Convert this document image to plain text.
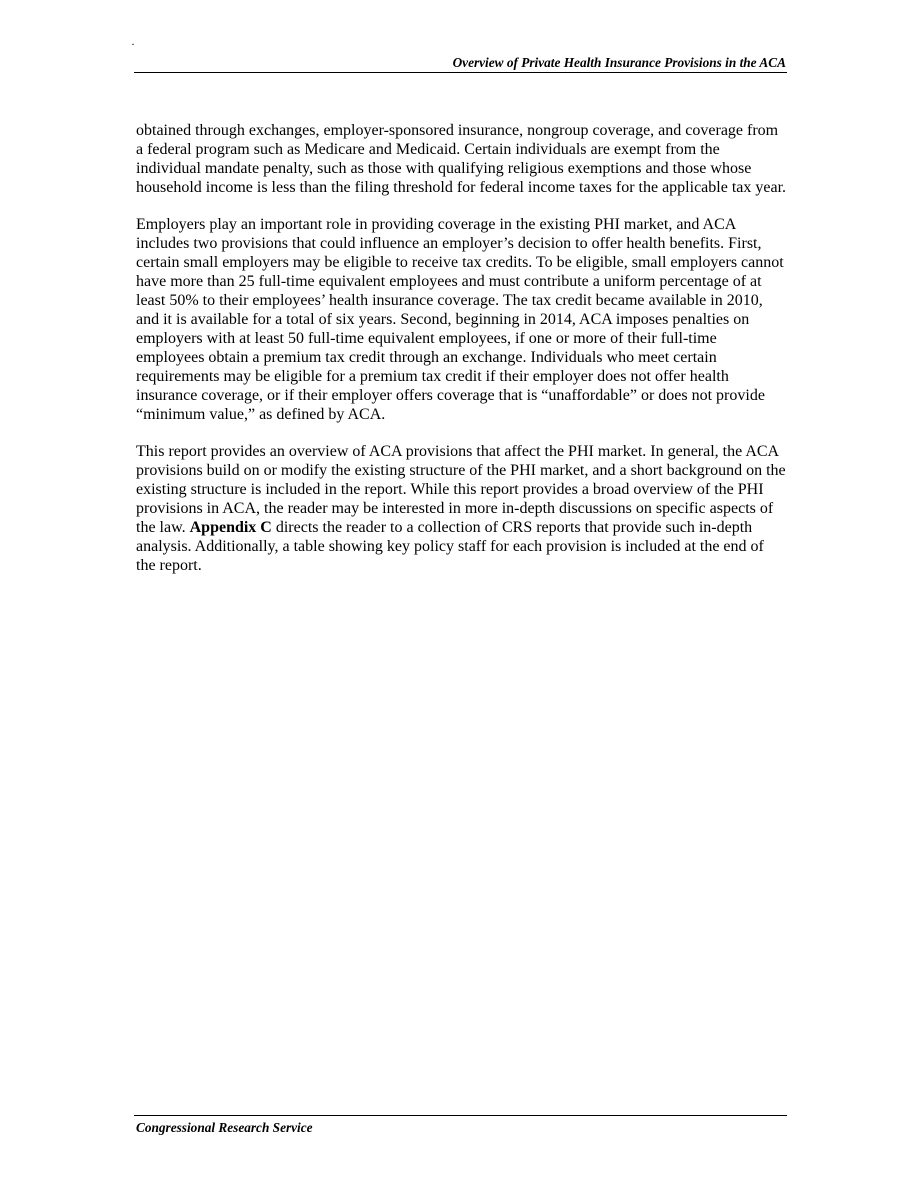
·
Overview of Private Health Insurance Provisions in the ACA

obtained through exchanges, employer-sponsored insurance, nongroup coverage, and coverage from a federal program such as Medicare and Medicaid. Certain individuals are exempt from the individual mandate penalty, such as those with qualifying religious exemptions and those whose household income is less than the filing threshold for federal income taxes for the applicable tax year.

Employers play an important role in providing coverage in the existing PHI market, and ACA includes two provisions that could influence an employer’s decision to offer health benefits. First, certain small employers may be eligible to receive tax credits. To be eligible, small employers cannot have more than 25 full-time equivalent employees and must contribute a uniform percentage of at least 50% to their employees’ health insurance coverage. The tax credit became available in 2010, and it is available for a total of six years. Second, beginning in 2014, ACA imposes penalties on employers with at least 50 full-time equivalent employees, if one or more of their full-time employees obtain a premium tax credit through an exchange. Individuals who meet certain requirements may be eligible for a premium tax credit if their employer does not offer health insurance coverage, or if their employer offers coverage that is “unaffordable” or does not provide “minimum value,” as defined by ACA.

This report provides an overview of ACA provisions that affect the PHI market. In general, the ACA provisions build on or modify the existing structure of the PHI market, and a short background on the existing structure is included in the report. While this report provides a broad overview of the PHI provisions in ACA, the reader may be interested in more in-depth discussions on specific aspects of the law. Appendix C directs the reader to a collection of CRS reports that provide such in-depth analysis. Additionally, a table showing key policy staff for each provision is included at the end of the report.

Congressional Research Service
